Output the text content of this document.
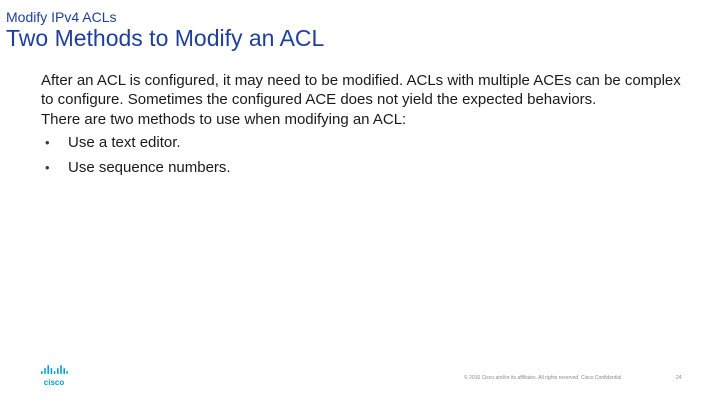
Modify IPv4 ACLs
Two Methods to Modify an ACL

After an ACL is configured, it may need to be modified. ACLs with multiple ACEs can be complex to configure. Sometimes the configured ACE does not yield the expected behaviors.

There are two methods to use when modifying an ACL:

• Use a text editor.
• Use sequence numbers.
cisco	© 2016 Cisco and/or its affiliates. All rights reserved. Cisco Confidential	24
